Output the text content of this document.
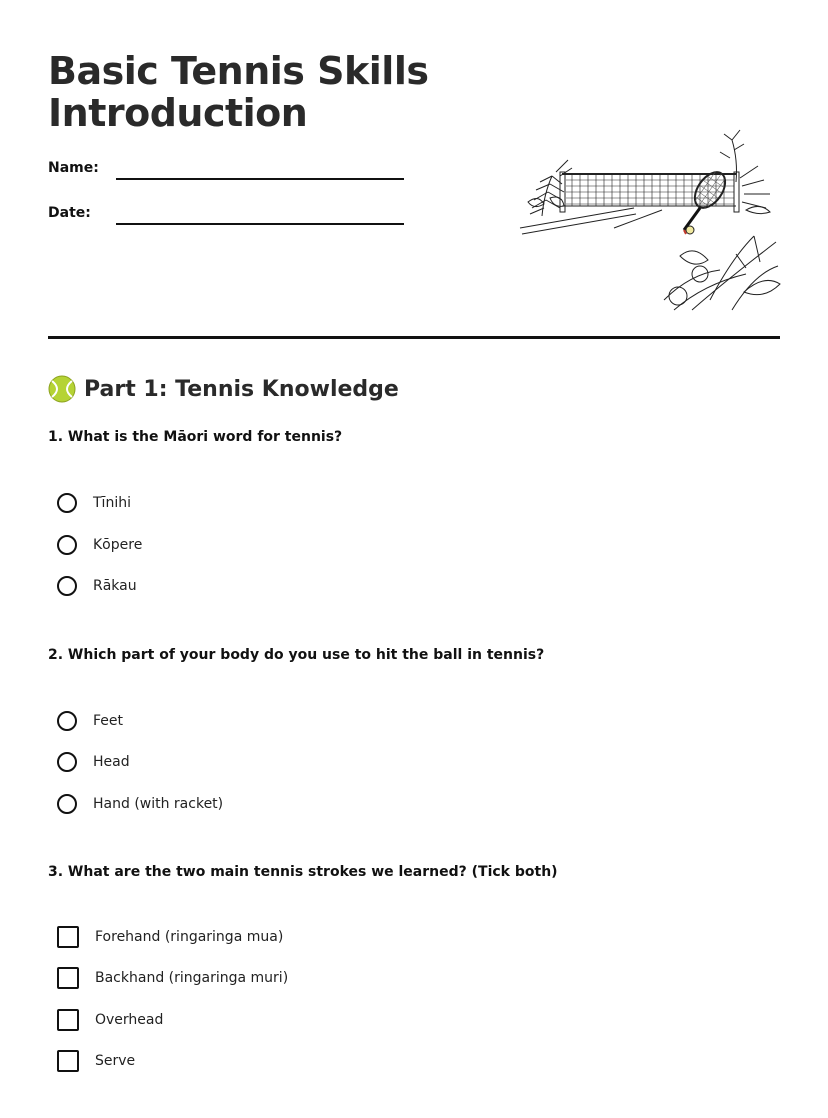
Basic Tennis Skills
Introduction
Name:
Date:
Part 1: Tennis Knowledge
1. What is the Māori word for tennis?
Tīnihi
Kōpere
Rākau
2. Which part of your body do you use to hit the ball in tennis?
Feet
Head
Hand (with racket)
3. What are the two main tennis strokes we learned? (Tick both)
Forehand (ringaringa mua)
Backhand (ringaringa muri)
Overhead
Serve
